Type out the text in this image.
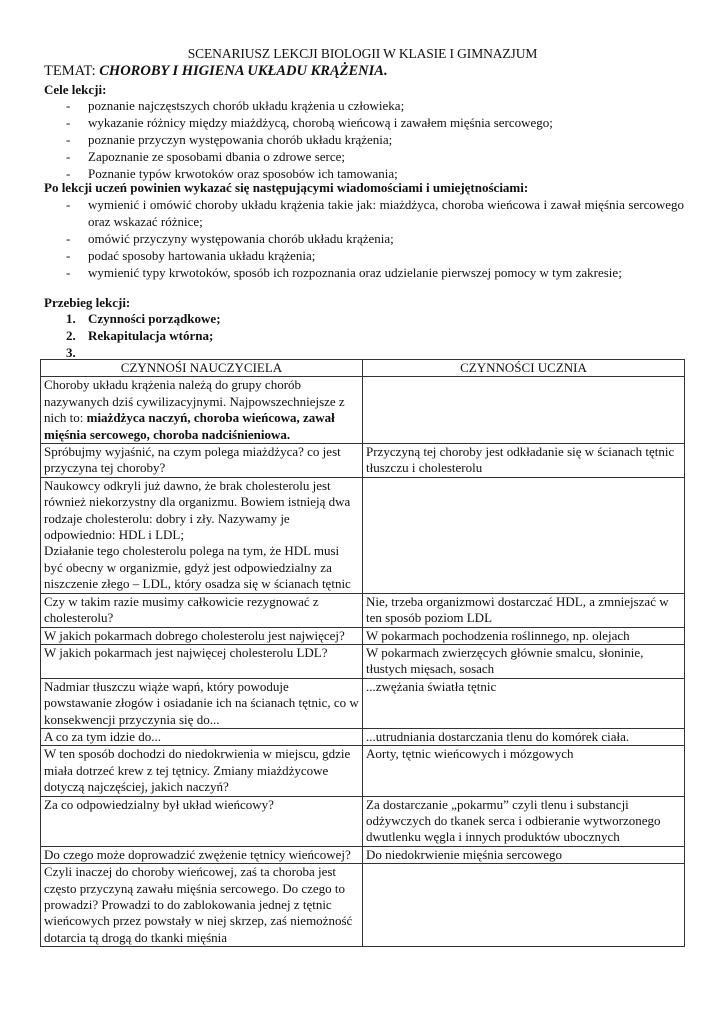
SCENARIUSZ LEKCJI BIOLOGII W KLASIE I GIMNAZJUM
TEMAT: CHOROBY I HIGIENA UKŁADU KRĄŻENIA.
Cele lekcji:
- poznanie najczęstszych chorób układu krążenia u człowieka;
- wykazanie różnicy między miażdżycą, chorobą wieńcową i zawałem mięśnia sercowego;
- poznanie przyczyn występowania chorób układu krążenia;
- Zapoznanie ze sposobami dbania o zdrowe serce;
- Poznanie typów krwotoków oraz sposobów ich tamowania;
Po lekcji uczeń powinien wykazać się następującymi wiadomościami i umiejętnościami:
- wymienić i omówić choroby układu krążenia takie jak: miażdżyca, choroba wieńcowa i zawał mięśnia sercowego oraz wskazać różnice;
- omówić przyczyny występowania chorób układu krążenia;
- podać sposoby hartowania układu krążenia;
- wymienić typy krwotoków, sposób ich rozpoznania oraz udzielanie pierwszej pomocy w tym zakresie;
Przebieg lekcji:
1. Czynności porządkowe;
2. Rekapitulacja wtórna;
3.
CZYNNOŚI NAUCZYCIELA	CZYNNOŚCI UCZNIA
Choroby układu krążenia należą do grupy chorób nazywanych dziś cywilizacyjnymi. Najpowszechniejsze z nich to: miażdżyca naczyń, choroba wieńcowa, zawał mięśnia sercowego, choroba nadciśnieniowa.	
Spróbujmy wyjaśnić, na czym polega miażdżyca? co jest przyczyna tej choroby?	Przyczyną tej choroby jest odkładanie się w ścianach tętnic tłuszczu i cholesterolu

Naukowcy odkryli już dawno, że brak cholesterolu jest również niekorzystny dla organizmu. Bowiem istnieją dwa rodzaje cholesterolu: dobry i zły. Nazywamy je odpowiednio: HDL i LDL;
Działanie tego cholesterolu polega na tym, że HDL musi być obecny w organizmie, gdyż jest odpowiedzialny za niszczenie złego – LDL, który osadza się w ścianach tętnic	

Czy w takim razie musimy całkowicie rezygnować z cholesterolu?	Nie, trzeba organizmowi dostarczać HDL, a zmniejszać w ten sposób poziom LDL
W jakich pokarmach dobrego cholesterolu jest najwięcej?	W pokarmach pochodzenia roślinnego, np. olejach
W jakich pokarmach jest najwięcej cholesterolu LDL?	W pokarmach zwierzęcych głównie smalcu, słoninie, tłustych mięsach, sosach
Nadmiar tłuszczu wiąże wapń, który powoduje powstawanie złogów i osiadanie ich na ścianach tętnic, co w konsekwencji przyczynia się do...	...zwężania światła tętnic
A co za tym idzie do...	...utrudniania dostarczania tlenu do komórek ciała.
W ten sposób dochodzi do niedokrwienia w miejscu, gdzie miała dotrzeć krew z tej tętnicy. Zmiany miażdżycowe dotyczą najczęściej, jakich naczyń?	Aorty, tętnic wieńcowych i mózgowych
Za co odpowiedzialny był układ wieńcowy?	Za dostarczanie „pokarmu” czyli tlenu i substancji odżywczych do tkanek serca i odbieranie wytworzonego dwutlenku węgla i innych produktów ubocznych
Do czego może doprowadzić zwężenie tętnicy wieńcowej?	Do niedokrwienie mięśnia sercowego
Czyli inaczej do choroby wieńcowej, zaś ta choroba jest często przyczyną zawału mięśnia sercowego. Do czego to prowadzi? Prowadzi to do zablokowania jednej z tętnic wieńcowych przez powstały w niej skrzep, zaś niemożność dotarcia tą drogą do tkanki mięśnia	
